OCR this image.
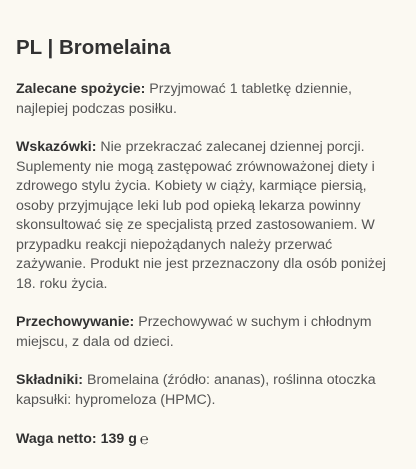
PL | Bromelaina
Zalecane spożycie: Przyjmować 1 tabletkę dziennie, najlepiej podczas posiłku.
Wskazówki: Nie przekraczać zalecanej dziennej porcji. Suplementy nie mogą zastępować zrównoważonej diety i zdrowego stylu życia. Kobiety w ciąży, karmiące piersią, osoby przyjmujące leki lub pod opieką lekarza powinny skonsultować się ze specjalistą przed zastosowaniem. W przypadku reakcji niepożądanych należy przerwać zażywanie. Produkt nie jest przeznaczony dla osób poniżej 18. roku życia.
Przechowywanie: Przechowywać w suchym i chłodnym miejscu, z dala od dzieci.
Składniki: Bromelaina (źródło: ananas), roślinna otoczka kapsułki: hypromeloza (HPMC).
Waga netto: 139 g ℮
